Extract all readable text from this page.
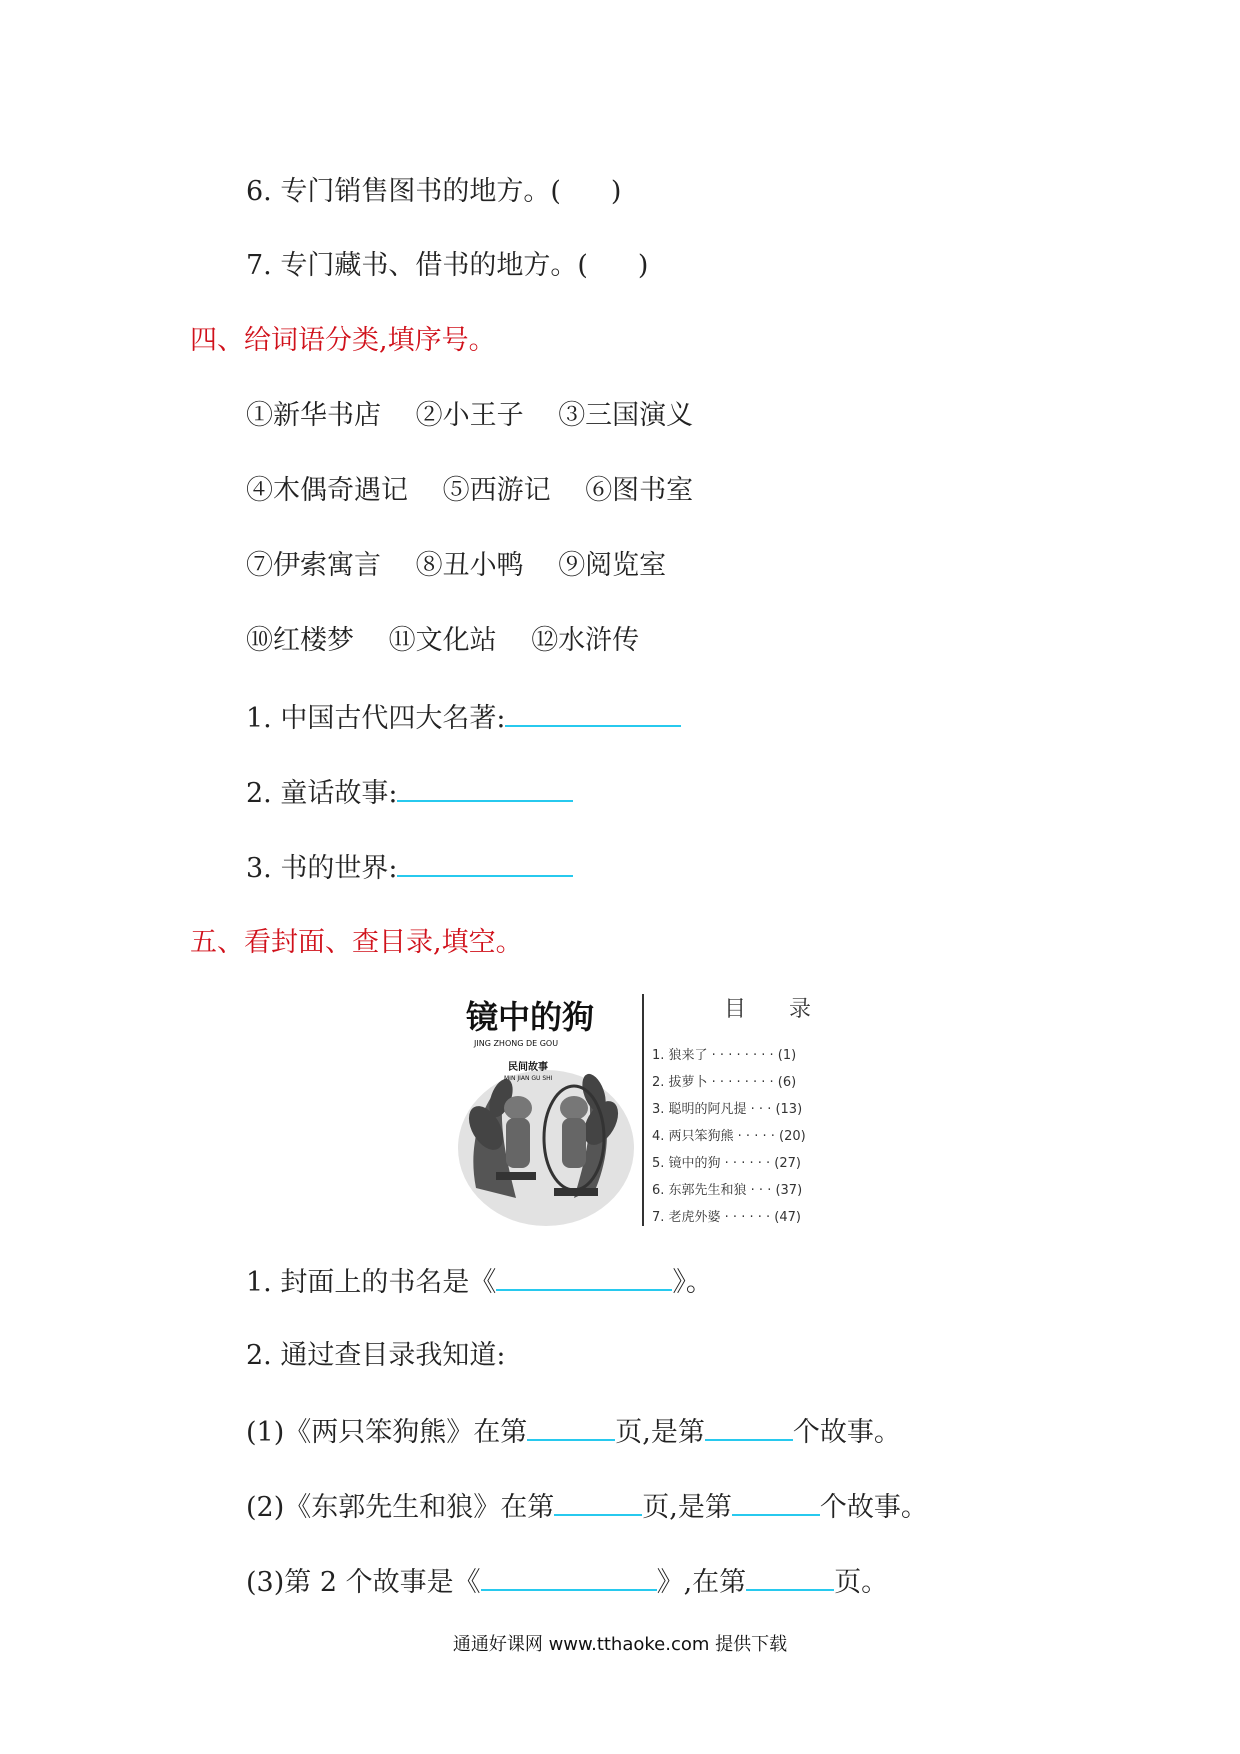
6. 专门销售图书的地方。( )
7. 专门藏书、借书的地方。( )
四、给词语分类,填序号。
①新华书店 ②小王子 ③三国演义
④木偶奇遇记 ⑤西游记 ⑥图书室
⑦伊索寓言 ⑧丑小鸭 ⑨阅览室
⑩红楼梦 ⑪文化站 ⑫水浒传
1. 中国古代四大名著:
2. 童话故事:
3. 书的世界:
五、看封面、查目录,填空。
镜中的狗
JING ZHONG DE GOU
民间故事
MIN JIAN GU SHI
目 录
1. 狼来了 · · · · · · · · (1)
2. 拔萝卜 · · · · · · · · (6)
3. 聪明的阿凡提 · · · (13)
4. 两只笨狗熊 · · · · · (20)
5. 镜中的狗 · · · · · · (27)
6. 东郭先生和狼 · · · (37)
7. 老虎外婆 · · · · · · (47)
1. 封面上的书名是《	》。
2. 通过查目录我知道:
(1)《两只笨狗熊》在第	页,是第	个故事。
(2)《东郭先生和狼》在第	页,是第	个故事。
(3)第 2 个故事是《	》,在第	页。
通通好课网 www.tthaoke.com 提供下载
